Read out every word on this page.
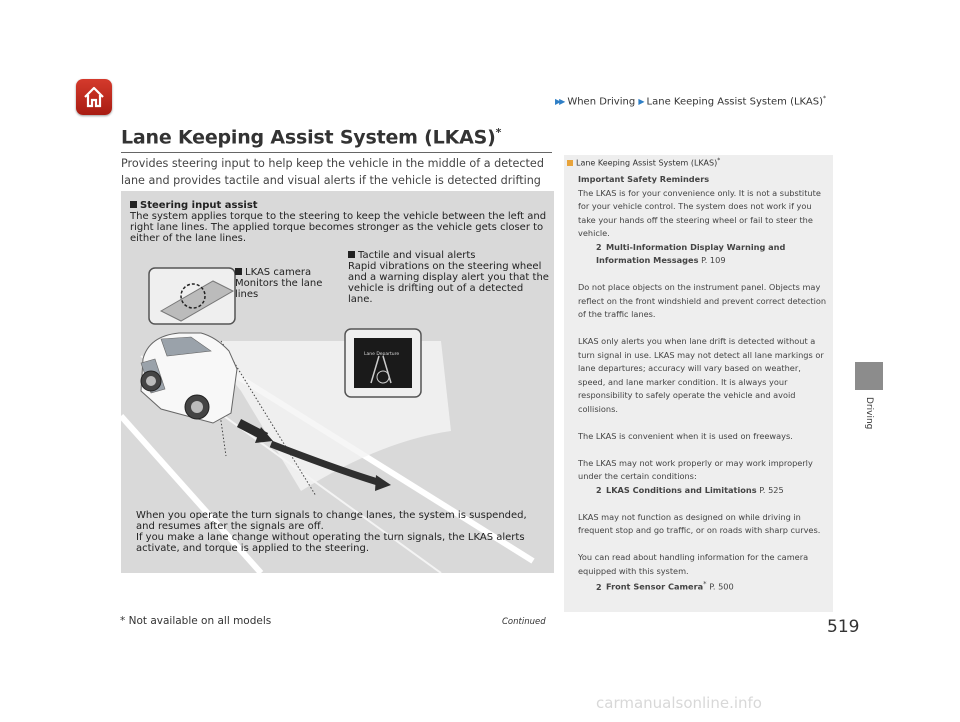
▶▶ When Driving ▶ Lane Keeping Assist System (LKAS)*
Lane Keeping Assist System (LKAS)*
Provides steering input to help keep the vehicle in the middle of a detected lane and provides tactile and visual alerts if the vehicle is detected drifting
Lane Departure
Steering input assist
The system applies torque to the steering to keep the vehicle between the left and right lane lines. The applied torque becomes stronger as the vehicle gets closer to either of the lane lines.
Tactile and visual alerts
Rapid vibrations on the steering wheel and a warning display alert you that the vehicle is drifting out of a detected lane.
LKAS camera
Monitors the lane lines
When you operate the turn signals to change lanes, the system is suspended, and resumes after the signals are off.
If you make a lane change without operating the turn signals, the LKAS alerts activate, and torque is applied to the steering.
Lane Keeping Assist System (LKAS)*
Important Safety Reminders
The LKAS is for your convenience only. It is not a substitute for your vehicle control. The system does not work if you take your hands off the steering wheel or fail to steer the vehicle.

2 Multi-Information Display Warning and Information Messages P. 109

Do not place objects on the instrument panel. Objects may reflect on the front windshield and prevent correct detection of the traffic lanes.

LKAS only alerts you when lane drift is detected without a turn signal in use. LKAS may not detect all lane markings or lane departures; accuracy will vary based on weather, speed, and lane marker condition. It is always your responsibility to safely operate the vehicle and avoid collisions.

The LKAS is convenient when it is used on freeways.

The LKAS may not work properly or may work improperly under the certain conditions:

2 LKAS Conditions and Limitations P. 525

LKAS may not function as designed on while driving in frequent stop and go traffic, or on roads with sharp curves.

You can read about handling information for the camera equipped with this system.
2 Front Sensor Camera* P. 500
Driving
* Not available on all models	Continued	519
carmanualsonline.info
